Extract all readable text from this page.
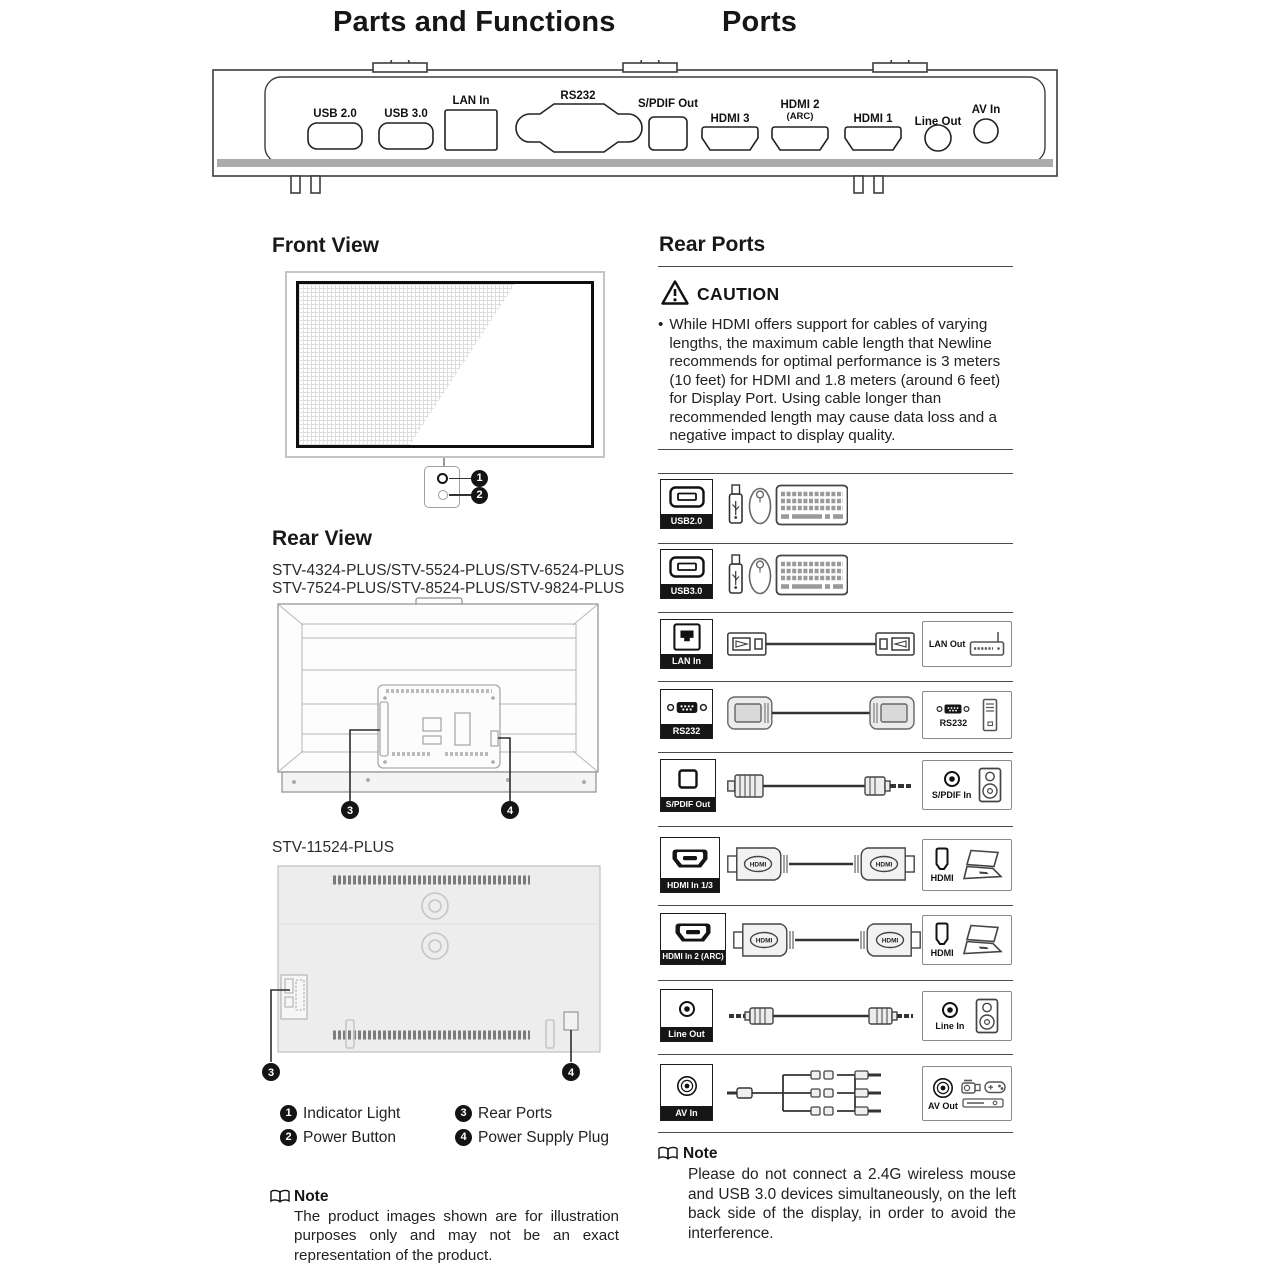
Parts and Functions	Ports
USB 2.0 USB 3.0
LAN In	RS232
S/PDIF Out
HDMI 3
HDMI 2
(ARC)	HDMI 1 Line Out
AV In
Front View
1
2
Rear View
STV-4324-PLUS/STV-5524-PLUS/STV-6524-PLUS
STV-7524-PLUS/STV-8524-PLUS/STV-9824-PLUS
3	4
STV-11524-PLUS
3	4
1 Indicator Light
2 Power Button
3 Rear Ports
4 Power Supply Plug
Note
The product images shown are for illustration purposes only and may not be an exact representation of the product.
Rear Ports
CAUTION
• While HDMI offers support for cables of varying lengths, the maximum cable length that Newline recommends for optimal performance is 3 meters (10 feet) for HDMI and 1.8 meters (around 6 feet) for Display Port. Using cable longer than recommended length may cause data loss and a negative impact to display quality.
USB2.0
USB3.0
LAN In
LAN Out
RS232
RS232
S/PDIF Out
S/PDIF In
HDMI In 1/3
HDMI	HDMI
HDMI
HDMI In 2 (ARC)
HDMI	HDMI
HDMI
Line Out
Line In
AV In
AV Out
Note
Please do not connect a 2.4G wireless mouse and USB 3.0 devices simultaneously, on the left back side of the display, in order to avoid the interference.
